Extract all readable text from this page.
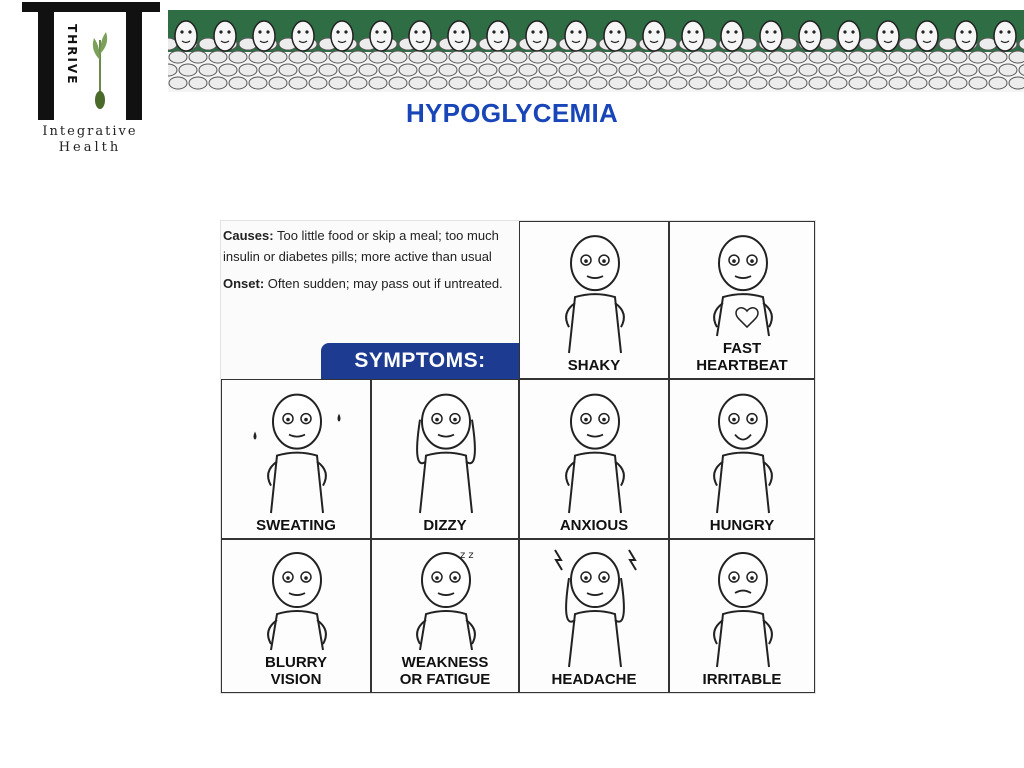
THRIVE
Integrative
Health
HYPOGLYCEMIA

Causes: Too little food or skip a meal; too much insulin or diabetes pills; more active than usual

Onset: Often sudden; may pass out if untreated.

SYMPTOMS:	SHAKY
FAST
HEARTBEAT
SWEATING	DIZZY	ANXIOUS	HUNGRY
BLURRY
VISION
z z
WEAKNESS
OR FATIGUE	HEADACHE	IRRITABLE
